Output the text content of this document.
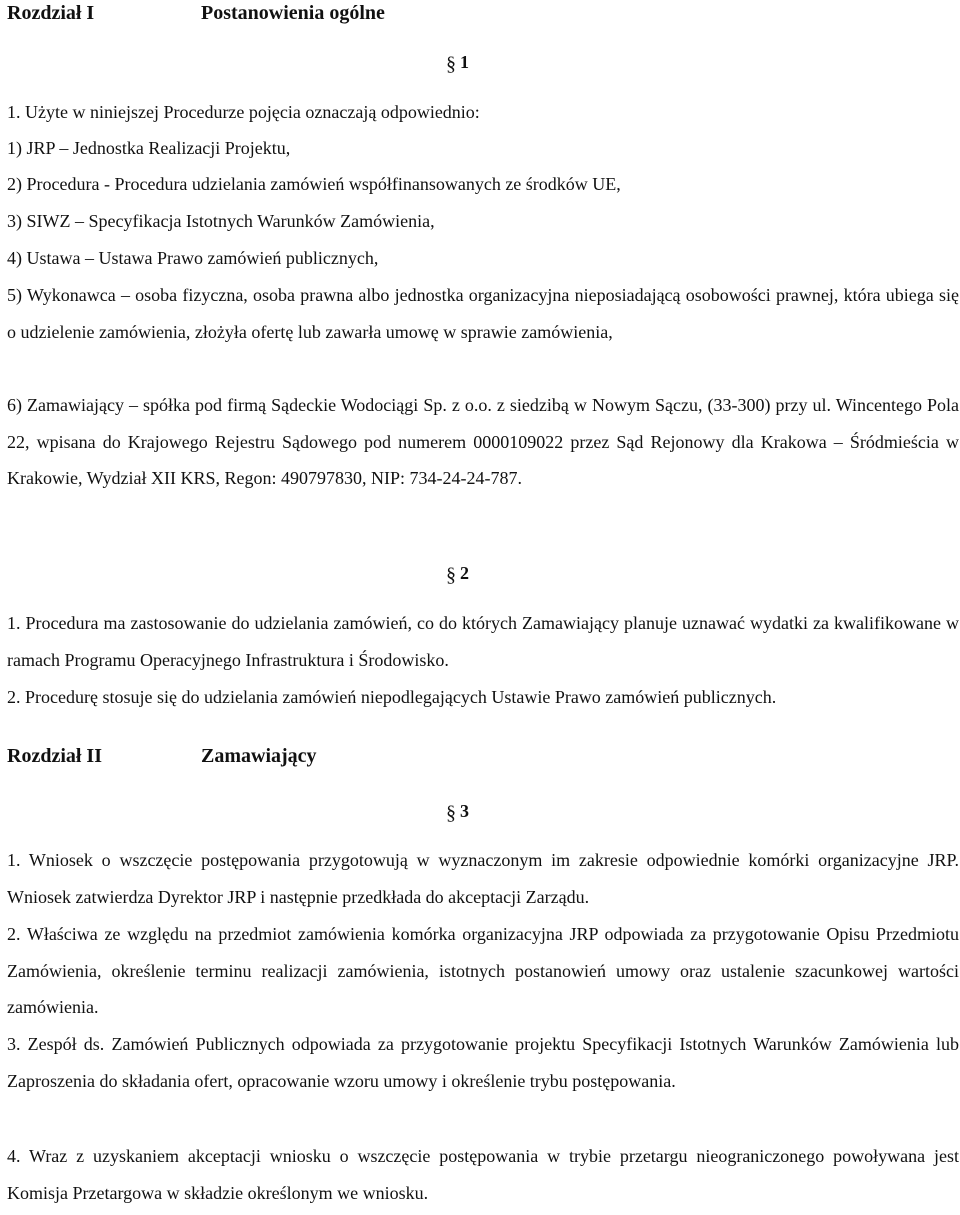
Rozdział I	Postanowienia ogólne
§ 1
1. Użyte w niniejszej Procedurze pojęcia oznaczają odpowiednio:
1) JRP – Jednostka Realizacji Projektu,
2) Procedura - Procedura udzielania zamówień współfinansowanych ze środków UE,
3) SIWZ – Specyfikacja Istotnych Warunków Zamówienia,
4) Ustawa – Ustawa Prawo zamówień publicznych,
5) Wykonawca – osoba fizyczna, osoba prawna albo jednostka organizacyjna nieposiadającą osobowości prawnej, która ubiega się o udzielenie zamówienia, złożyła ofertę lub zawarła umowę w sprawie zamówienia,
6) Zamawiający – spółka pod firmą Sądeckie Wodociągi Sp. z o.o. z siedzibą w Nowym Sączu, (33-300) przy ul. Wincentego Pola 22, wpisana do Krajowego Rejestru Sądowego pod numerem 0000109022 przez Sąd Rejonowy dla Krakowa – Śródmieścia w Krakowie, Wydział XII KRS, Regon: 490797830, NIP: 734-24-24-787.
§ 2
1. Procedura ma zastosowanie do udzielania zamówień, co do których Zamawiający planuje uznawać wydatki za kwalifikowane w ramach Programu Operacyjnego Infrastruktura i Środowisko.
2. Procedurę stosuje się do udzielania zamówień niepodlegających Ustawie Prawo zamówień publicznych.
Rozdział II	Zamawiający
§ 3
1. Wniosek o wszczęcie postępowania przygotowują w wyznaczonym im zakresie odpowiednie komórki organizacyjne JRP. Wniosek zatwierdza Dyrektor JRP i następnie przedkłada do akceptacji Zarządu.
2. Właściwa ze względu na przedmiot zamówienia komórka organizacyjna JRP odpowiada za przygotowanie Opisu Przedmiotu Zamówienia, określenie terminu realizacji zamówienia, istotnych postanowień umowy oraz ustalenie szacunkowej wartości zamówienia.
3. Zespół ds. Zamówień Publicznych odpowiada za przygotowanie projektu Specyfikacji Istotnych Warunków Zamówienia lub Zaproszenia do składania ofert, opracowanie wzoru umowy i określenie trybu postępowania.
4. Wraz z uzyskaniem akceptacji wniosku o wszczęcie postępowania w trybie przetargu nieograniczonego powoływana jest Komisja Przetargowa w składzie określonym we wniosku.
